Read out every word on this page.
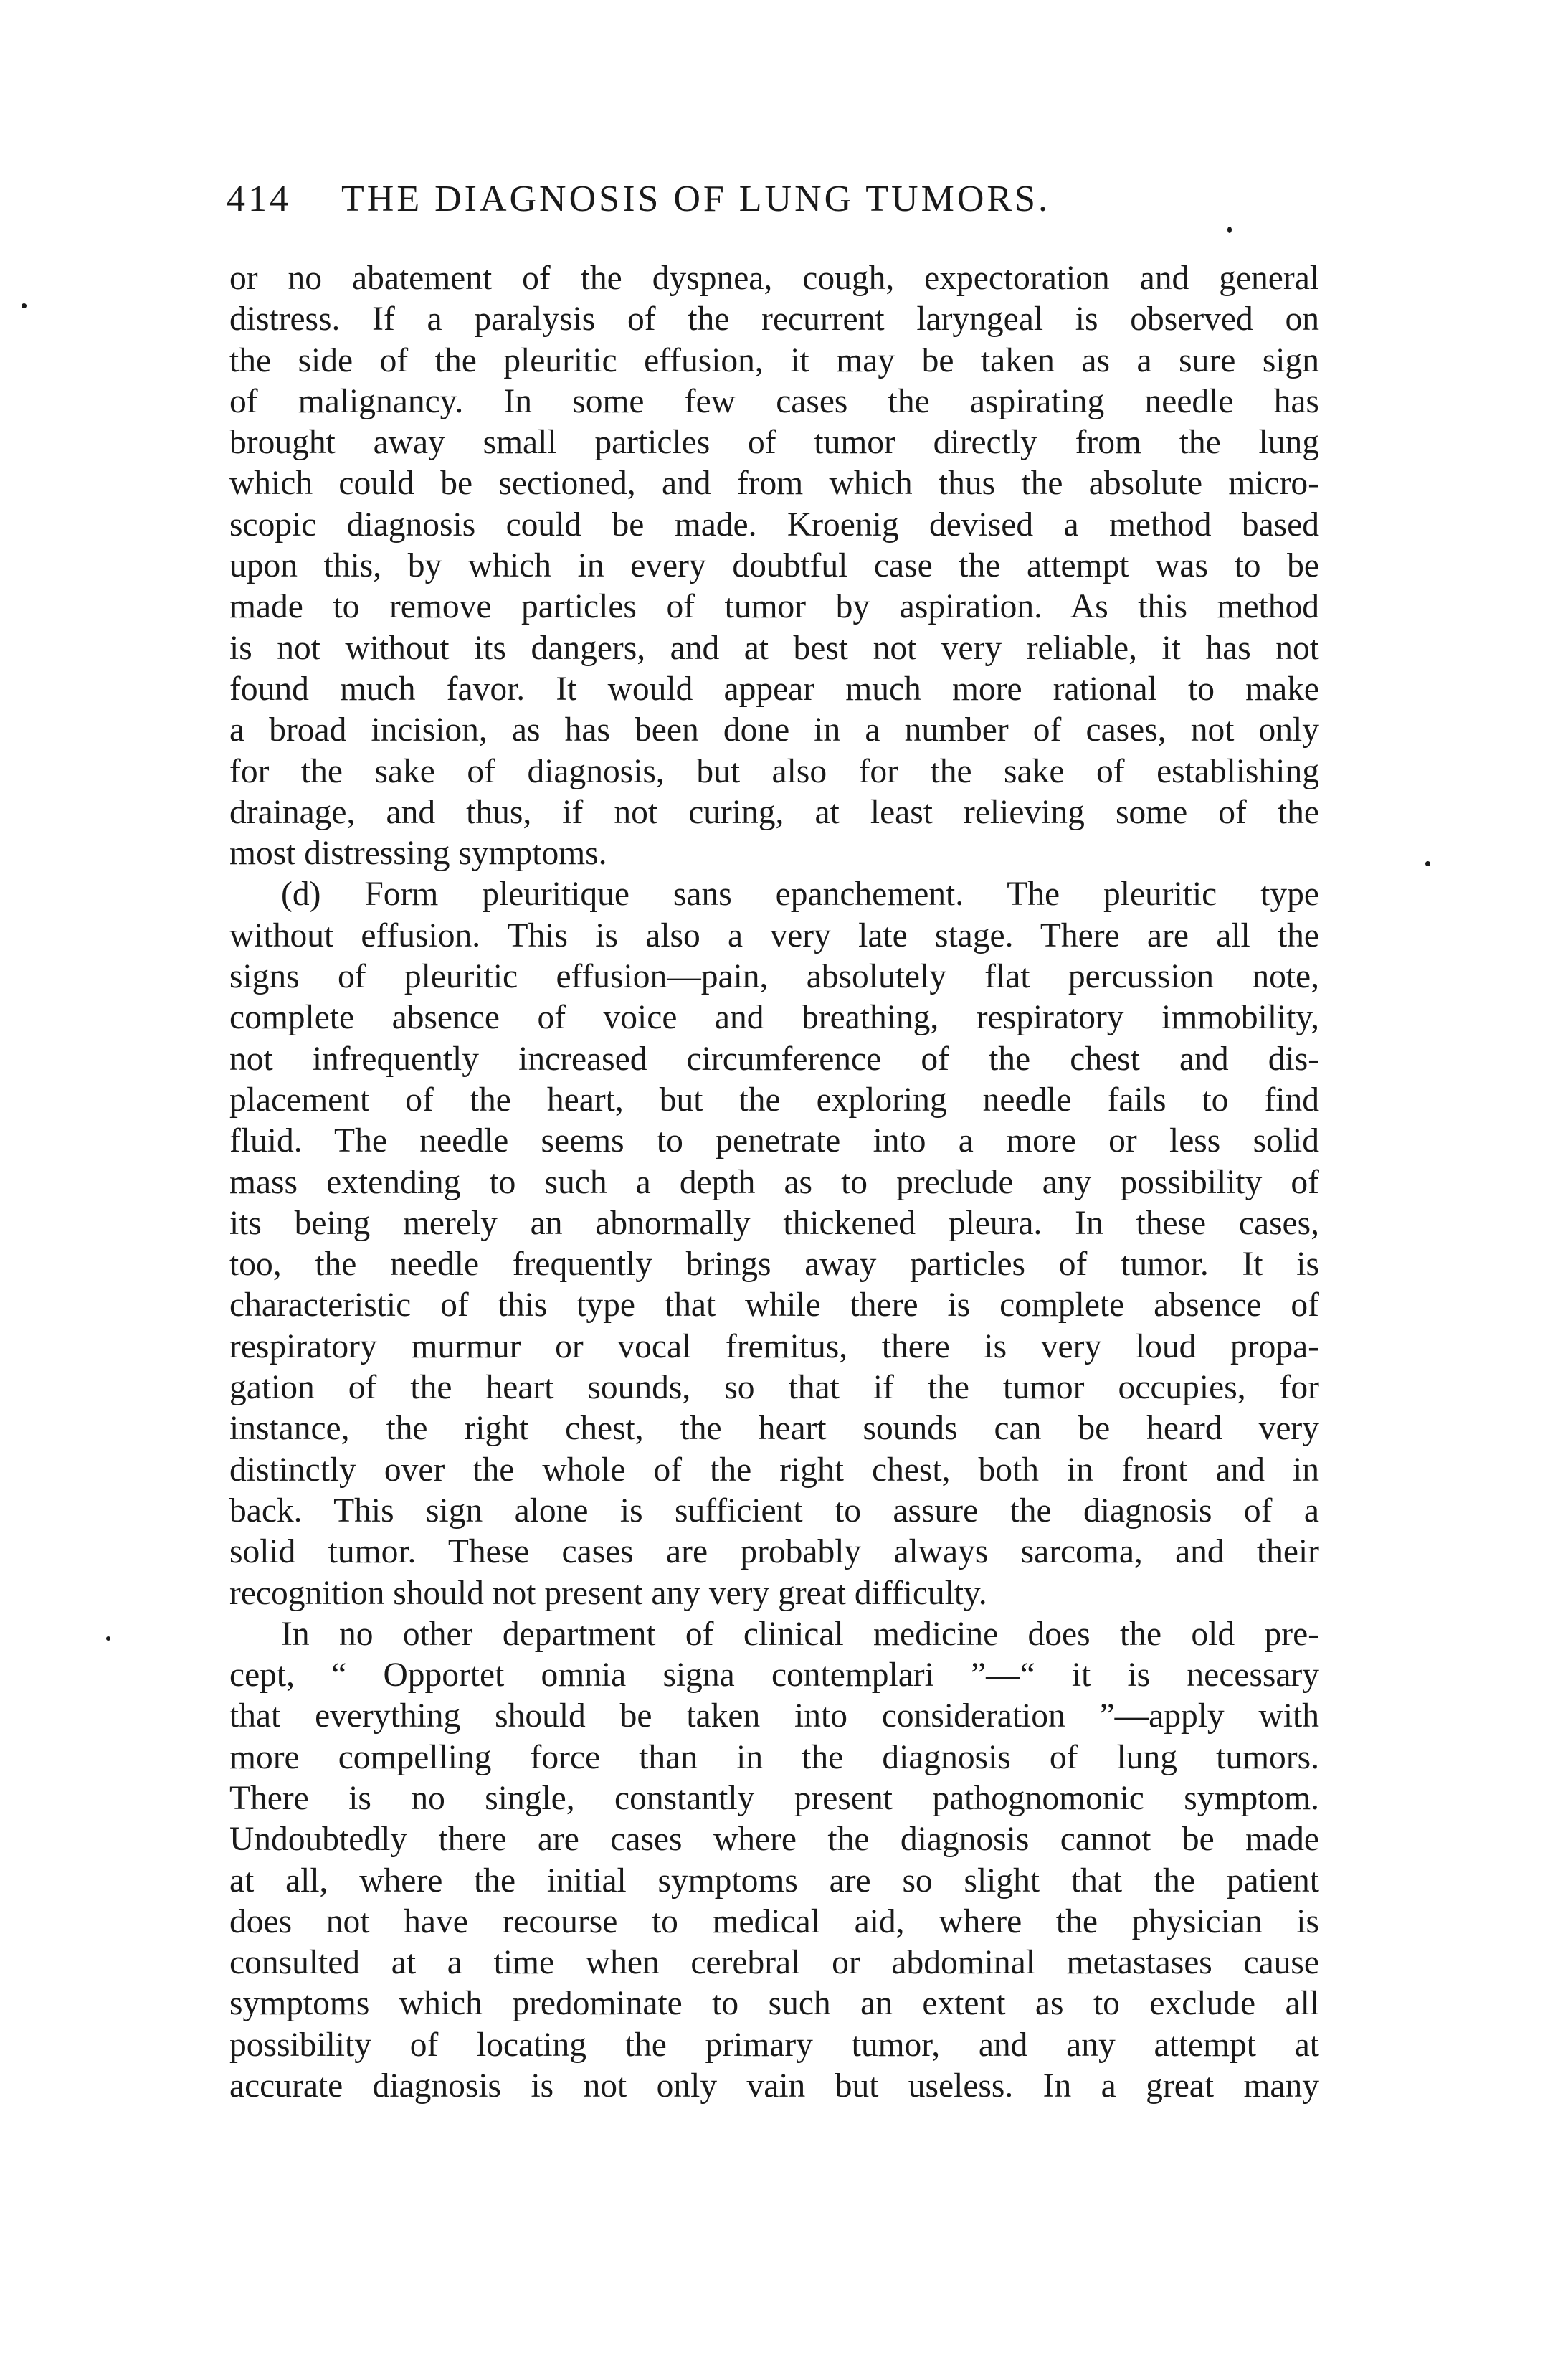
414 THE DIAGNOSIS OF LUNG TUMORS.
or no abatement of the dyspnea, cough, expectoration and general
distress. If a paralysis of the recurrent laryngeal is observed on
the side of the pleuritic effusion, it may be taken as a sure sign
of malignancy. In some few cases the aspirating needle has
brought away small particles of tumor directly from the lung
which could be sectioned, and from which thus the absolute micro-
scopic diagnosis could be made. Kroenig devised a method based
upon this, by which in every doubtful case the attempt was to be
made to remove particles of tumor by aspiration. As this method
is not without its dangers, and at best not very reliable, it has not
found much favor. It would appear much more rational to make
a broad incision, as has been done in a number of cases, not only
for the sake of diagnosis, but also for the sake of establishing
drainage, and thus, if not curing, at least relieving some of the
most distressing symptoms.
(d) Form pleuritique sans epanchement. The pleuritic type
without effusion. This is also a very late stage. There are all the
signs of pleuritic effusion—pain, absolutely flat percussion note,
complete absence of voice and breathing, respiratory immobility,
not infrequently increased circumference of the chest and dis-
placement of the heart, but the exploring needle fails to find
fluid. The needle seems to penetrate into a more or less solid
mass extending to such a depth as to preclude any possibility of
its being merely an abnormally thickened pleura. In these cases,
too, the needle frequently brings away particles of tumor. It is
characteristic of this type that while there is complete absence of
respiratory murmur or vocal fremitus, there is very loud propa-
gation of the heart sounds, so that if the tumor occupies, for
instance, the right chest, the heart sounds can be heard very
distinctly over the whole of the right chest, both in front and in
back. This sign alone is sufficient to assure the diagnosis of a
solid tumor. These cases are probably always sarcoma, and their
recognition should not present any very great difficulty.
In no other department of clinical medicine does the old pre-
cept, “ Opportet omnia signa contemplari ”—“ it is necessary
that everything should be taken into consideration ”—apply with
more compelling force than in the diagnosis of lung tumors.
There is no single, constantly present pathognomonic symptom.
Undoubtedly there are cases where the diagnosis cannot be made
at all, where the initial symptoms are so slight that the patient
does not have recourse to medical aid, where the physician is
consulted at a time when cerebral or abdominal metastases cause
symptoms which predominate to such an extent as to exclude all
possibility of locating the primary tumor, and any attempt at
accurate diagnosis is not only vain but useless. In a great many
